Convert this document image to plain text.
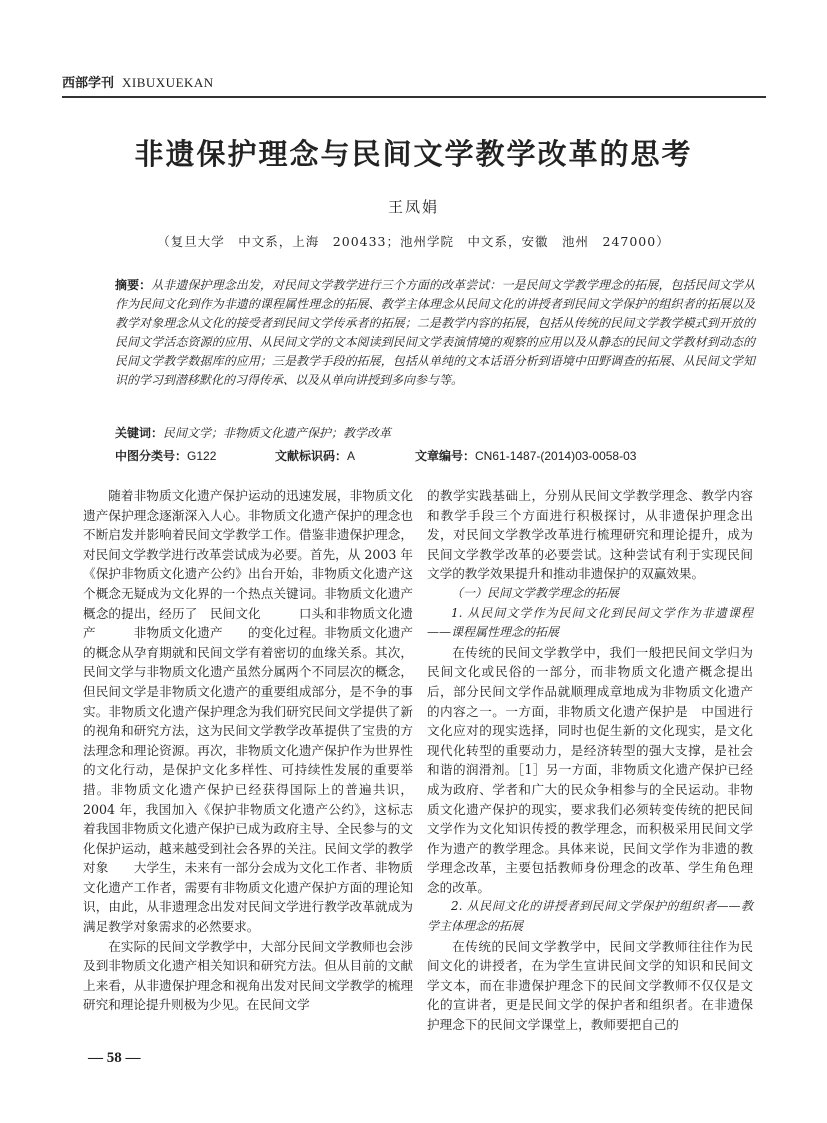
西部学刊 XIBUXUEKAN
非遗保护理念与民间文学教学改革的思考
王凤娟
（复旦大学　中文系，上海　200433；池州学院　中文系，安徽　池州　247000）
摘要：从非遗保护理念出发，对民间文学教学进行三个方面的改革尝试：一是民间文学教学理念的拓展，包括民间文学从作为民间文化到作为非遗的课程属性理念的拓展、教学主体理念从民间文化的讲授者到民间文学保护的组织者的拓展以及教学对象理念从文化的接受者到民间文学传承者的拓展；二是教学内容的拓展，包括从传统的民间文学教学模式到开放的民间文学活态资源的应用、从民间文学的文本阅读到民间文学表演情境的观察的应用以及从静态的民间文学教材到动态的民间文学教学数据库的应用；三是教学手段的拓展，包括从单纯的文本话语分析到语境中田野调查的拓展、从民间文学知识的学习到潜移默化的习得传承、以及从单向讲授到多向参与等。
关键词：民间文学；非物质文化遗产保护；教学改革
中图分类号：G122	文献标识码：A	文章编号：CN61-1487-(2014)03-0058-03

随着非物质文化遗产保护运动的迅速发展，非物质文化遗产保护理念逐渐深入人心。非物质文化遗产保护的理念也不断启发并影响着民间文学教学工作。借鉴非遗保护理念，对民间文学教学进行改革尝试成为必要。首先，从 2003 年《保护非物质文化遗产公约》出台开始，非物质文化遗产这个概念无疑成为文化界的一个热点关键词。非物质文化遗产概念的提出，经历了　民间文化　　　口头和非物质文化遗产　　　非物质文化遗产　　的变化过程。非物质文化遗产的概念从孕育期就和民间文学有着密切的血缘关系。其次，民间文学与非物质文化遗产虽然分属两个不同层次的概念，但民间文学是非物质文化遗产的重要组成部分，是不争的事实。非物质文化遗产保护理念为我们研究民间文学提供了新的视角和研究方法，这为民间文学教学改革提供了宝贵的方法理念和理论资源。再次，非物质文化遗产保护作为世界性的文化行动，是保护文化多样性、可持续性发展的重要举措。非物质文化遗产保护已经获得国际上的普遍共识，2004 年，我国加入《保护非物质文化遗产公约》，这标志着我国非物质文化遗产保护已成为政府主导、全民参与的文化保护运动，越来越受到社会各界的关注。民间文学的教学对象　　大学生，未来有一部分会成为文化工作者、非物质文化遗产工作者，需要有非物质文化遗产保护方面的理论知识，由此，从非遗理念出发对民间文学进行教学改革就成为满足教学对象需求的必然要求。

在实际的民间文学教学中，大部分民间文学教师也会涉及到非物质文化遗产相关知识和研究方法。但从目前的文献上来看，从非遗保护理念和视角出发对民间文学教学的梳理研究和理论提升则极为少见。在民间文学

的教学实践基础上，分别从民间文学教学理念、教学内容和教学手段三个方面进行积极探讨，从非遗保护理念出发，对民间文学教学改革进行梳理研究和理论提升，成为民间文学教学改革的必要尝试。这种尝试有利于实现民间文学的教学效果提升和推动非遗保护的双赢效果。

（一）民间文学教学理念的拓展

1. 从民间文学作为民间文化到民间文学作为非遗课程——课程属性理念的拓展

在传统的民间文学教学中，我们一般把民间文学归为民间文化或民俗的一部分，而非物质文化遗产概念提出后，部分民间文学作品就顺理成章地成为非物质文化遗产的内容之一。一方面，非物质文化遗产保护是　中国进行文化应对的现实选择，同时也促生新的文化现实，是文化现代化转型的重要动力，是经济转型的强大支撑，是社会和谐的润滑剂。［1］另一方面，非物质文化遗产保护已经成为政府、学者和广大的民众争相参与的全民运动。非物质文化遗产保护的现实，要求我们必须转变传统的把民间文学作为文化知识传授的教学理念，而积极采用民间文学作为遗产的教学理念。具体来说，民间文学作为非遗的教学理念改革，主要包括教师身份理念的改革、学生角色理念的改革。

2. 从民间文化的讲授者到民间文学保护的组织者——教学主体理念的拓展

在传统的民间文学教学中，民间文学教师往往作为民间文化的讲授者，在为学生宣讲民间文学的知识和民间文学文本，而在非遗保护理念下的民间文学教师不仅仅是文化的宣讲者，更是民间文学的保护者和组织者。在非遗保护理念下的民间文学课堂上，教师要把自己的

— 58 —
